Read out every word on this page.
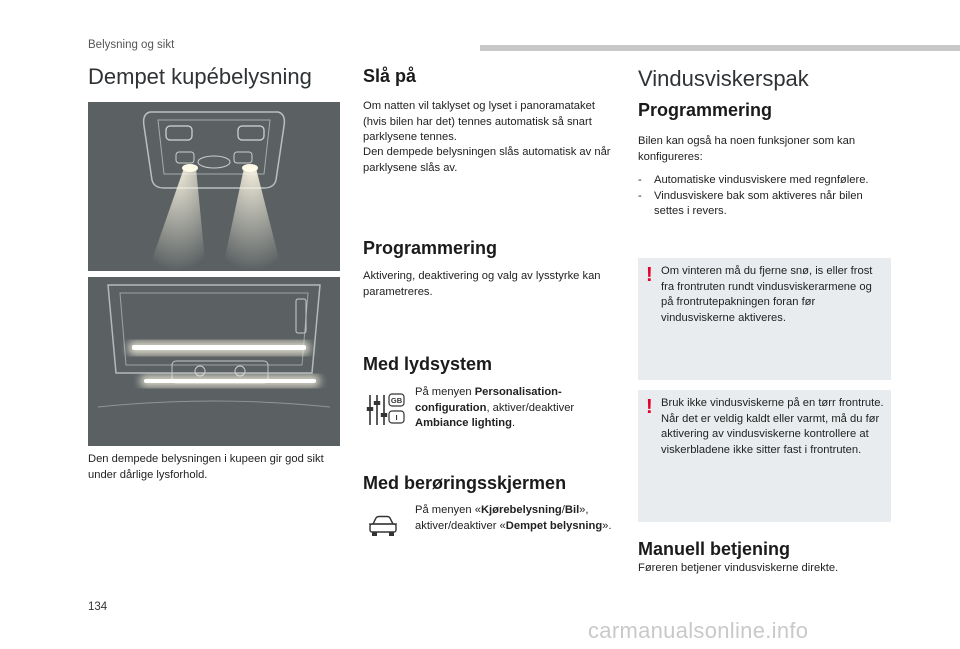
Belysning og sikt
Dempet kupébelysning

Den dempede belysningen i kupeen gir god sikt under dårlige lysforhold.

Slå på

Om natten vil taklyset og lyset i panoramataket (hvis bilen har det) tennes automatisk så snart parklysene tennes.

Den dempede belysningen slås automatisk av når parklysene slås av.

Programmering

Aktivering, deaktivering og valg av lysstyrke kan parametreres.

Med lydsystem
GB
I

På menyen Personalisation-configuration, aktiver/deaktiver Ambiance lighting.

Med berøringsskjermen

På menyen «Kjørebelysning/Bil», aktiver/deaktiver «Dempet belysning».

Vindusviskerspak
Programmering

Bilen kan også ha noen funksjoner som kan konfigureres:

- Automatiske vindusviskere med regnfølere.
- Vindusviskere bak som aktiveres når bilen settes i revers.
! Om vinteren må du fjerne snø, is eller frost fra frontruten rundt vindusviskerarmene og på frontrutepakningen foran før vindusviskerne aktiveres.

! Bruk ikke vindusviskerne på en tørr frontrute. Når det er veldig kaldt eller varmt, må du før aktivering av vindusviskerne kontrollere at viskerbladene ikke sitter fast i frontruten.

Manuell betjening

Føreren betjener vindusviskerne direkte.

134
carmanualsonline.info
